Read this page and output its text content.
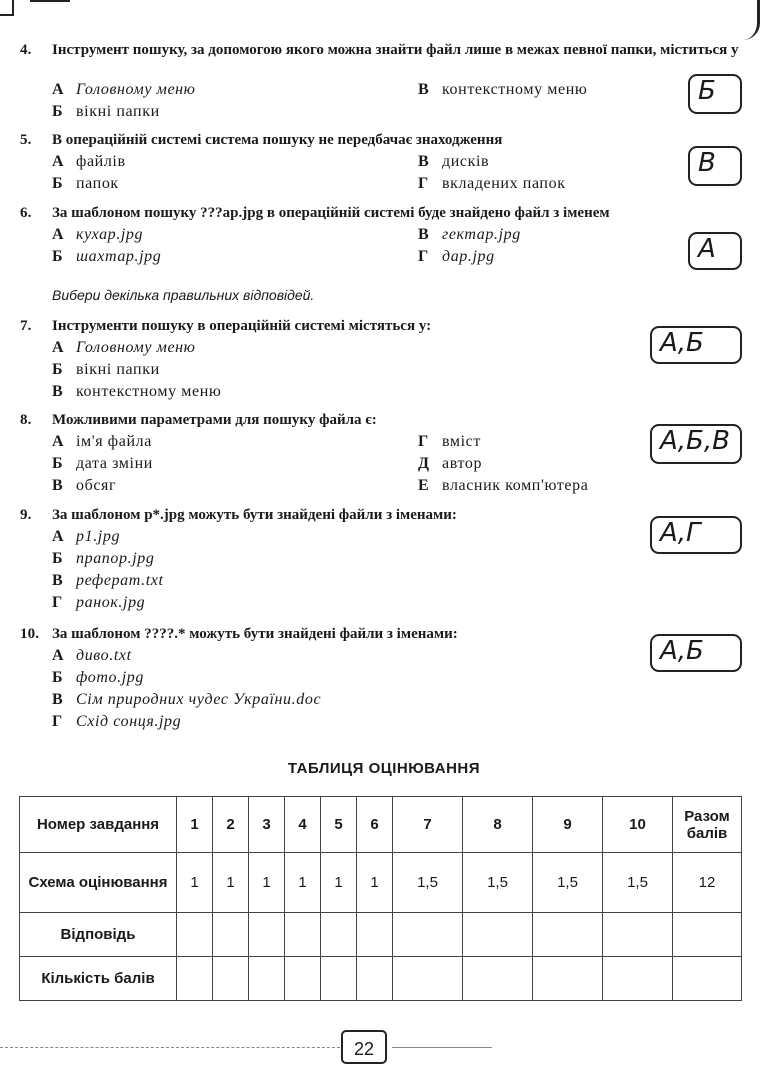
4.	Інструмент пошуку, за допомогою якого можна знайти файл лише в межах певної папки, міститься у
А Головному меню
Б вікні папки
В контекстному меню	Б
5.	В операційній системі система пошуку не передбачає знаходження
А файлів
Б папок
В дисків
Г вкладених папок
В
6.	За шаблоном пошуку ???ар.jpg в операційній системі буде знайдено файл з іменем
А кухар.jpg
Б шахтар.jpg
В гектар.jpg
Г дар.jpg	А
Вибери декілька правильних відповідей.
7.	Інструменти пошуку в операційній системі містяться у:
А Головному меню
Б вікні папки
В контекстному меню
А,Б
8.	Можливими параметрами для пошуку файла є:
А ім'я файла
Б дата зміни
В обсяг
Г вміст
Д автор
Е власник комп'ютера
А,Б,В
9.	За шаблоном р*.jpg можуть бути знайдені файли з іменами:
А p1.jpg
Б прапор.jpg
В реферат.txt
Г ранок.jpg
А,Г
10. За шаблоном ????.* можуть бути знайдені файли з іменами:
А диво.txt
Б фото.jpg
В Сім природних чудес України.doc
Г Схід сонця.jpg
А,Б
ТАБЛИЦЯ ОЦІНЮВАННЯ
Номер завдання	1	2	3	4	5	6	7	8	9	10	Разом балів
Схема оцінювання	1	1	1	1	1	1	1,5	1,5	1,5	1,5	12
Відповідь											
Кількість балів											
22
